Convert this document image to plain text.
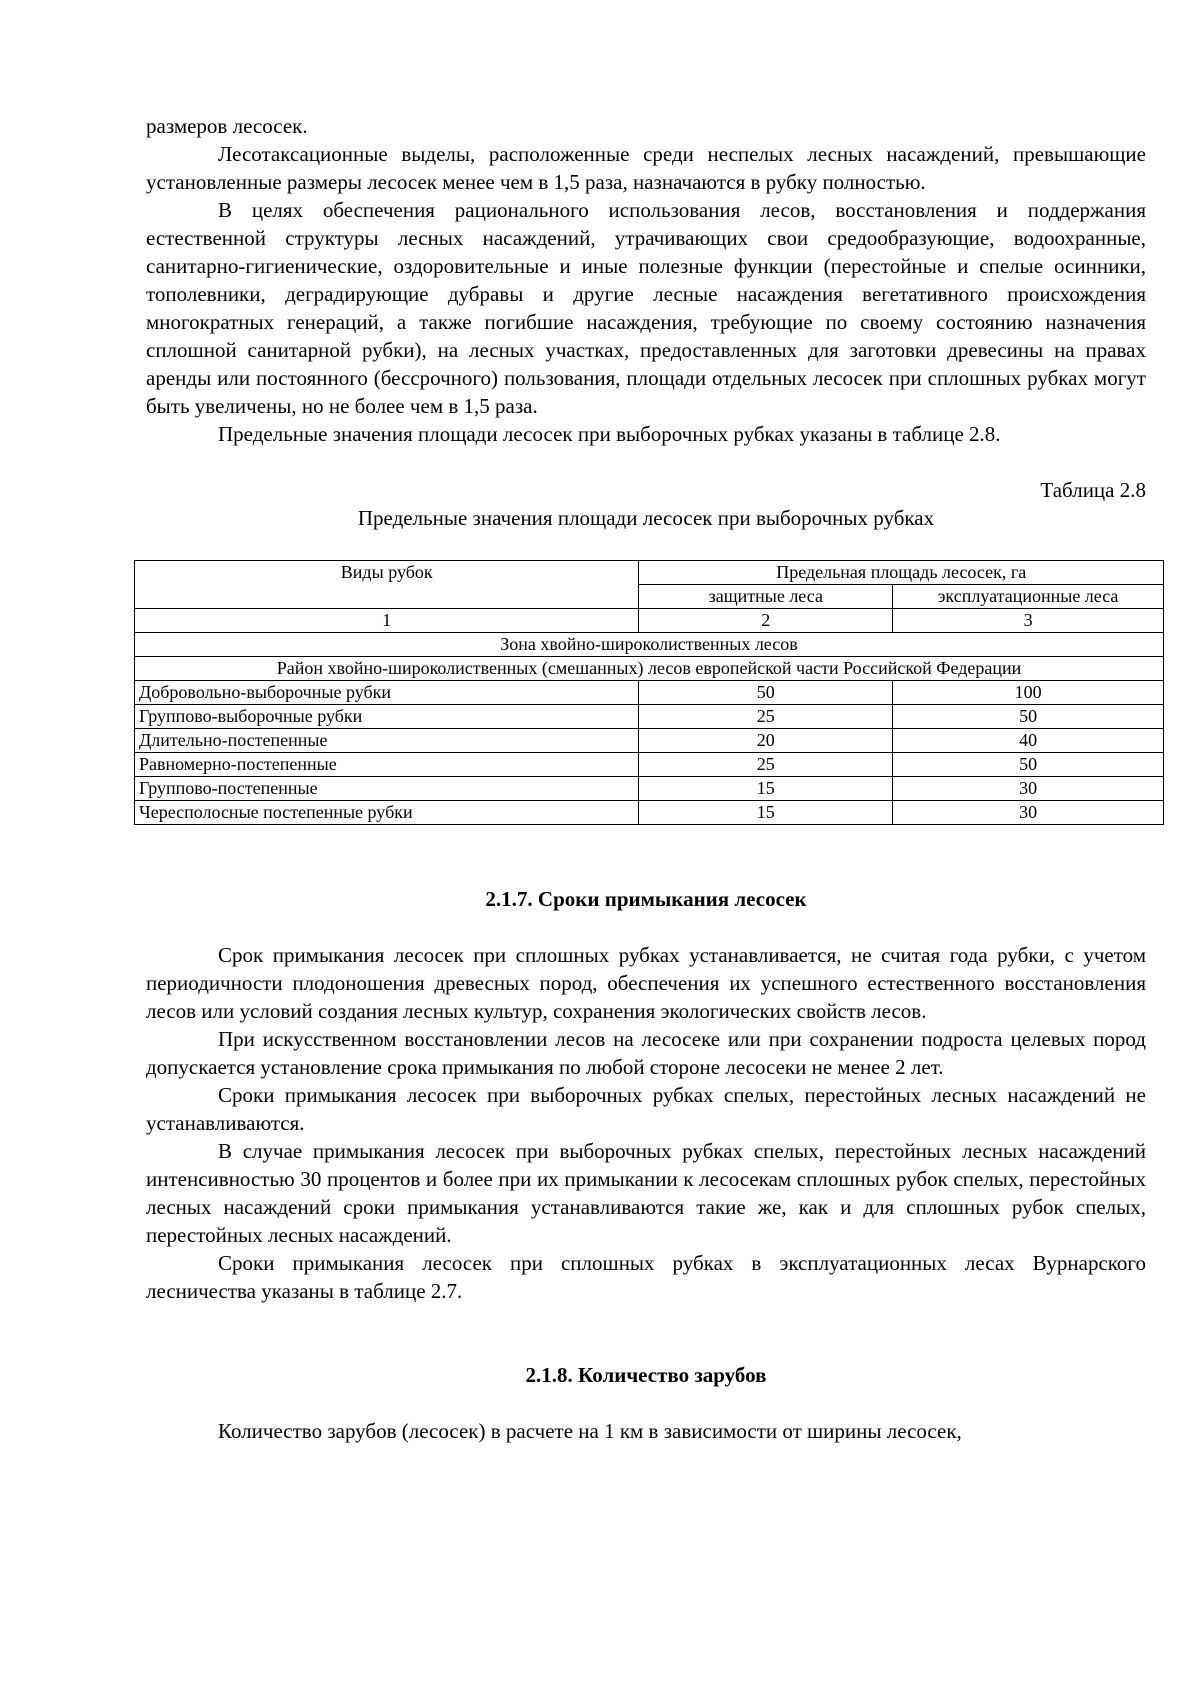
размеров лесосек.

Лесотаксационные выделы, расположенные среди неспелых лесных насаждений, превышающие установленные размеры лесосек менее чем в 1,5 раза, назначаются в рубку полностью.

В целях обеспечения рационального использования лесов, восстановления и поддержания естественной структуры лесных насаждений, утрачивающих свои средообразующие, водоохранные, санитарно-гигиенические, оздоровительные и иные полезные функции (перестойные и спелые осинники, тополевники, деградирующие дубравы и другие лесные насаждения вегетативного происхождения многократных генераций, а также погибшие насаждения, требующие по своему состоянию назначения сплошной санитарной рубки), на лесных участках, предоставленных для заготовки древесины на правах аренды или постоянного (бессрочного) пользования, площади отдельных лесосек при сплошных рубках могут быть увеличены, но не более чем в 1,5 раза.

Предельные значения площади лесосек при выборочных рубках указаны в таблице 2.8.

Таблица 2.8
Предельные значения площади лесосек при выборочных рубках
Виды рубок	Предельная площадь лесосек, га	
	защитные леса	эксплуатационные леса
1	2	3
Зона хвойно-широколиственных лесов		
Район хвойно-широколиственных (смешанных) лесов европейской части Российской Федерации		
Добровольно-выборочные рубки	50	100
Группово-выборочные рубки	25	50
Длительно-постепенные	20	40
Равномерно-постепенные	25	50
Группово-постепенные	15	30
Чересполосные постепенные рубки	15	30
2.1.7. Сроки примыкания лесосек

Срок примыкания лесосек при сплошных рубках устанавливается, не считая года рубки, с учетом периодичности плодоношения древесных пород, обеспечения их успешного естественного восстановления лесов или условий создания лесных культур, сохранения экологических свойств лесов.

При искусственном восстановлении лесов на лесосеке или при сохранении подроста целевых пород допускается установление срока примыкания по любой стороне лесосеки не менее 2 лет.

Сроки примыкания лесосек при выборочных рубках спелых, перестойных лесных насаждений не устанавливаются.

В случае примыкания лесосек при выборочных рубках спелых, перестойных лесных насаждений интенсивностью 30 процентов и более при их примыкании к лесосекам сплошных рубок спелых, перестойных лесных насаждений сроки примыкания устанавливаются такие же, как и для сплошных рубок спелых, перестойных лесных насаждений.

Сроки примыкания лесосек при сплошных рубках в эксплуатационных лесах Вурнарского лесничества указаны в таблице 2.7.

2.1.8. Количество зарубов

Количество зарубов (лесосек) в расчете на 1 км в зависимости от ширины лесосек,
